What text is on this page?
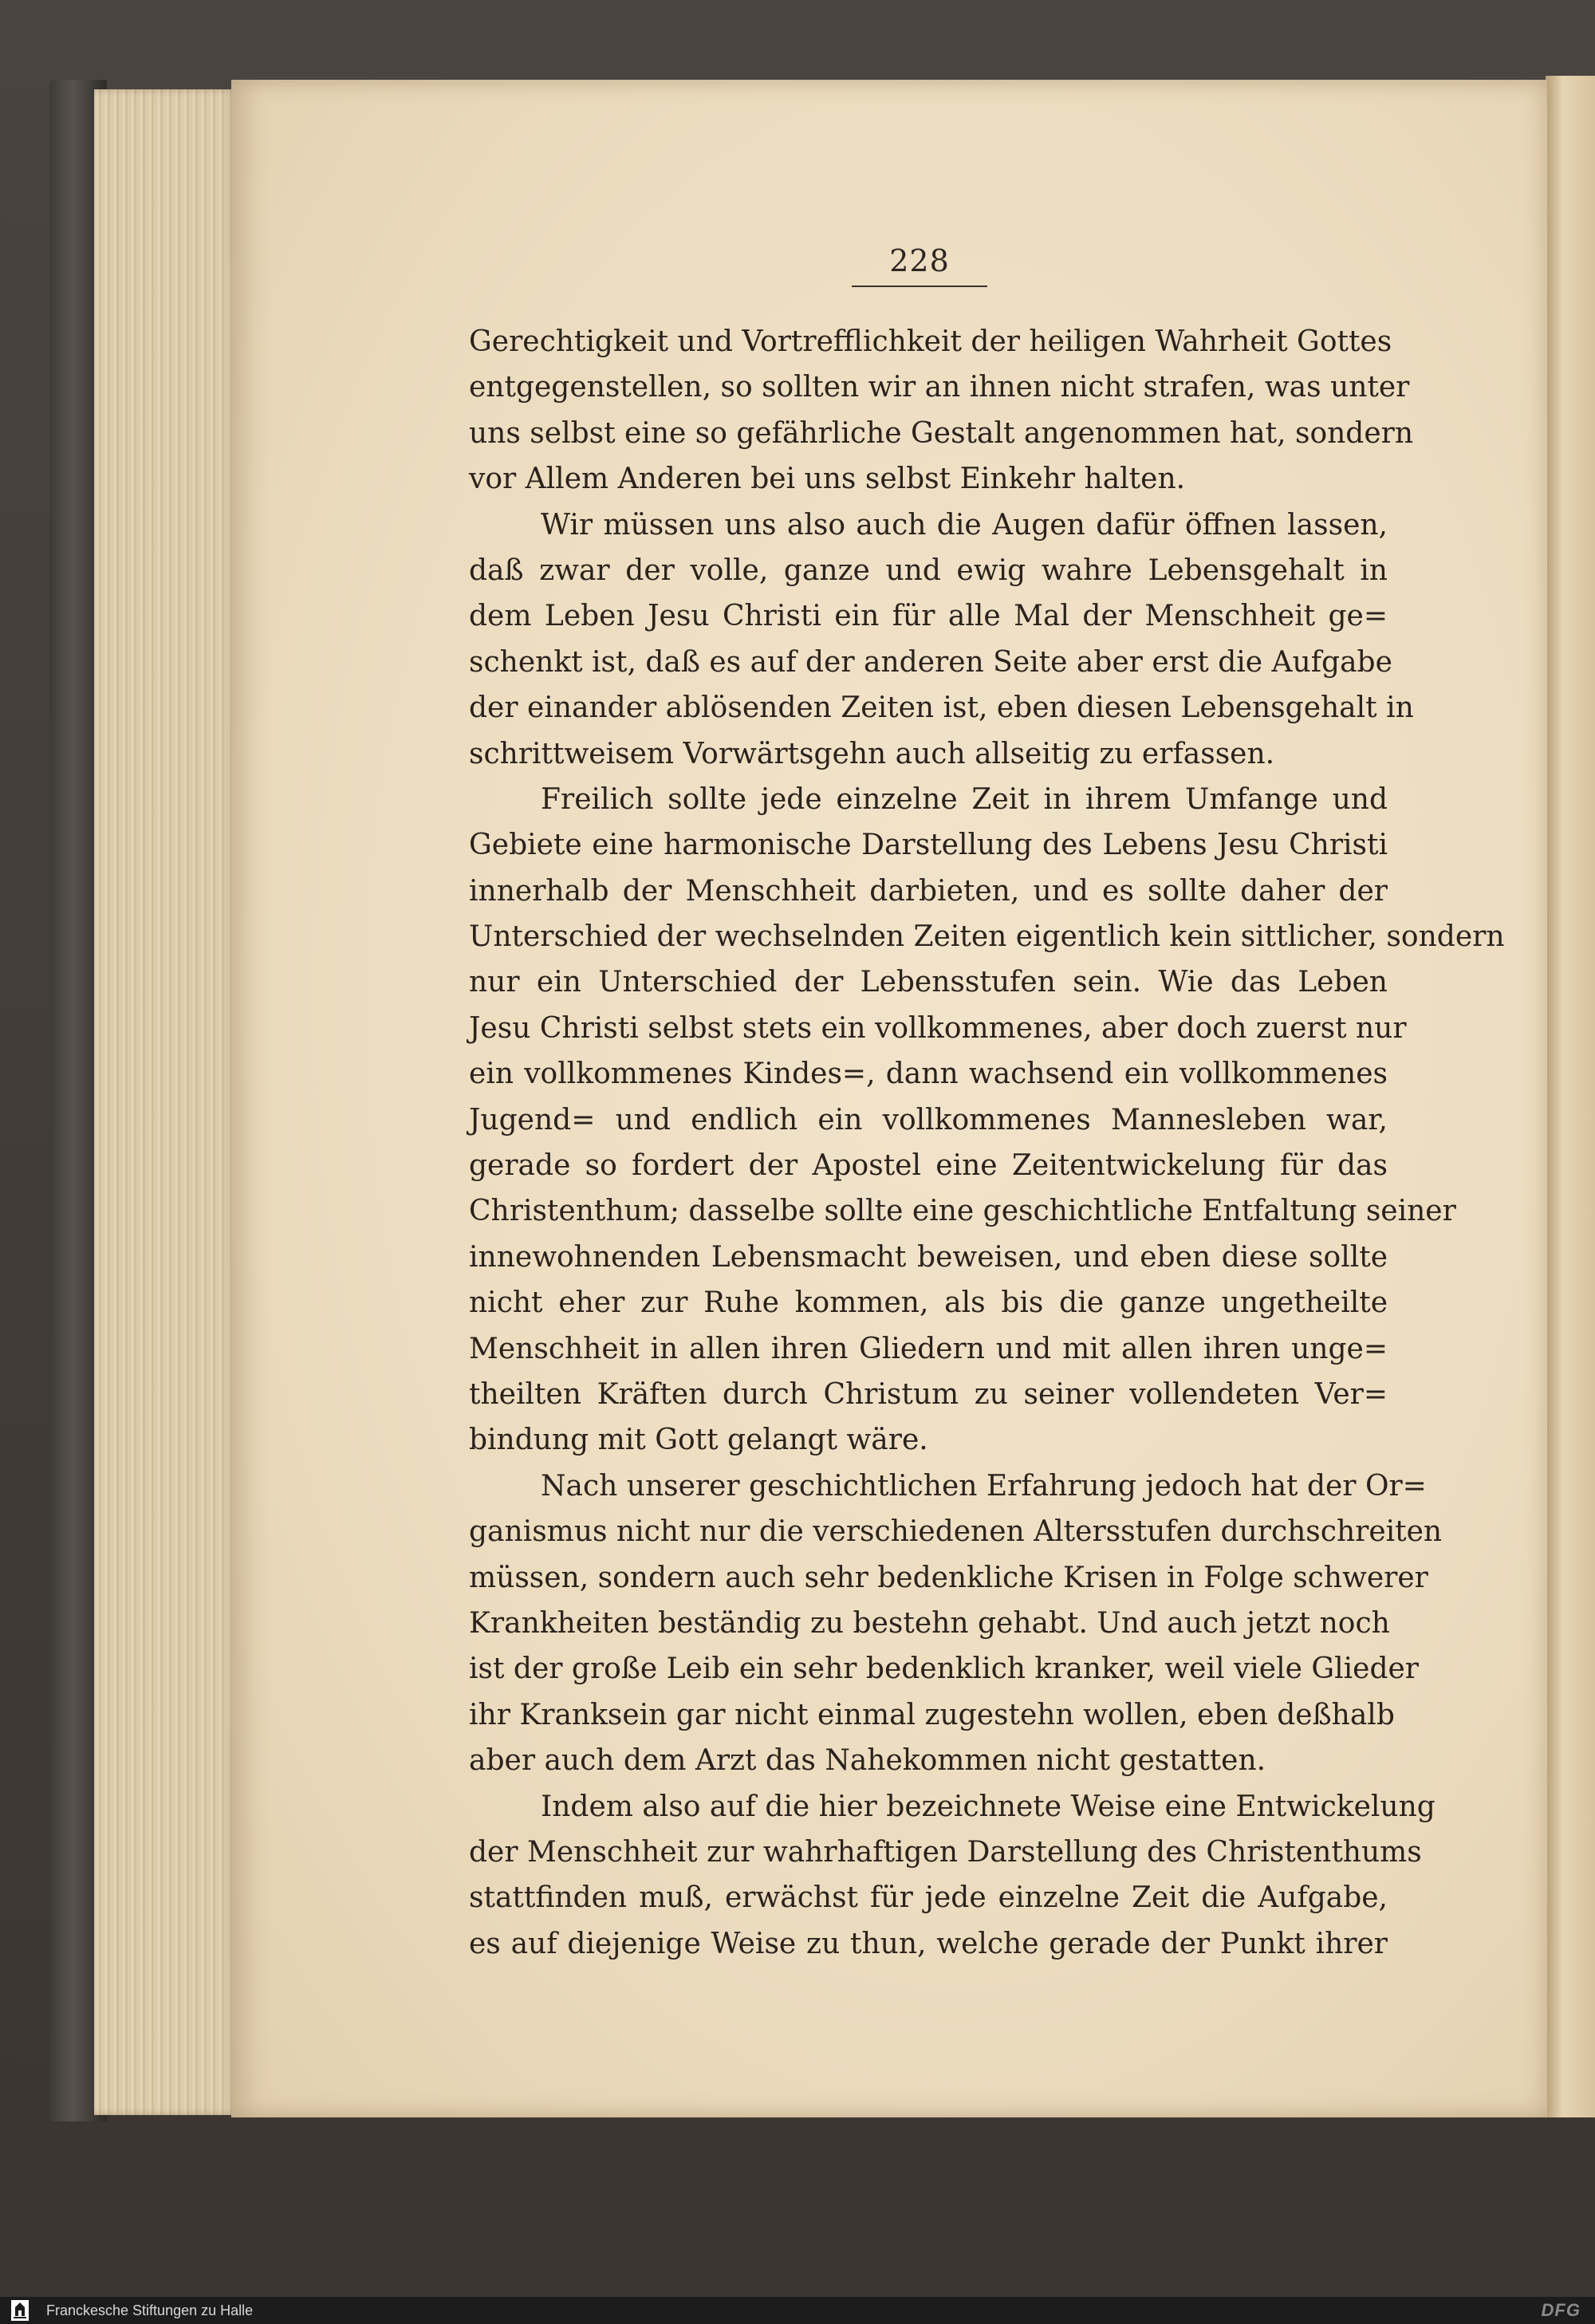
228
Gerechtigkeit und Vortrefflichkeit der heiligen Wahrheit Gottes
entgegenstellen, so sollten wir an ihnen nicht strafen, was unter
uns selbst eine so gefährliche Gestalt angenommen hat, sondern
vor Allem Anderen bei uns selbst Einkehr halten.
Wir müssen uns also auch die Augen dafür öffnen lassen,
daß zwar der volle, ganze und ewig wahre Lebensgehalt in
dem Leben Jesu Christi ein für alle Mal der Menschheit ge=
schenkt ist, daß es auf der anderen Seite aber erst die Aufgabe
der einander ablösenden Zeiten ist, eben diesen Lebensgehalt in
schrittweisem Vorwärtsgehn auch allseitig zu erfassen.
Freilich sollte jede einzelne Zeit in ihrem Umfange und
Gebiete eine harmonische Darstellung des Lebens Jesu Christi
innerhalb der Menschheit darbieten, und es sollte daher der
Unterschied der wechselnden Zeiten eigentlich kein sittlicher, sondern
nur ein Unterschied der Lebensstufen sein. Wie das Leben
Jesu Christi selbst stets ein vollkommenes, aber doch zuerst nur
ein vollkommenes Kindes=, dann wachsend ein vollkommenes
Jugend= und endlich ein vollkommenes Mannesleben war,
gerade so fordert der Apostel eine Zeitentwickelung für das
Christenthum; dasselbe sollte eine geschichtliche Entfaltung seiner
innewohnenden Lebensmacht beweisen, und eben diese sollte
nicht eher zur Ruhe kommen, als bis die ganze ungetheilte
Menschheit in allen ihren Gliedern und mit allen ihren unge=
theilten Kräften durch Christum zu seiner vollendeten Ver=
bindung mit Gott gelangt wäre.
Nach unserer geschichtlichen Erfahrung jedoch hat der Or=
ganismus nicht nur die verschiedenen Altersstufen durchschreiten
müssen, sondern auch sehr bedenkliche Krisen in Folge schwerer
Krankheiten beständig zu bestehn gehabt. Und auch jetzt noch
ist der große Leib ein sehr bedenklich kranker, weil viele Glieder
ihr Kranksein gar nicht einmal zugestehn wollen, eben deßhalb
aber auch dem Arzt das Nahekommen nicht gestatten.
Indem also auf die hier bezeichnete Weise eine Entwickelung
der Menschheit zur wahrhaftigen Darstellung des Christenthums
stattfinden muß, erwächst für jede einzelne Zeit die Aufgabe,
es auf diejenige Weise zu thun, welche gerade der Punkt ihrer
Franckesche Stiftungen zu Halle	DFG
